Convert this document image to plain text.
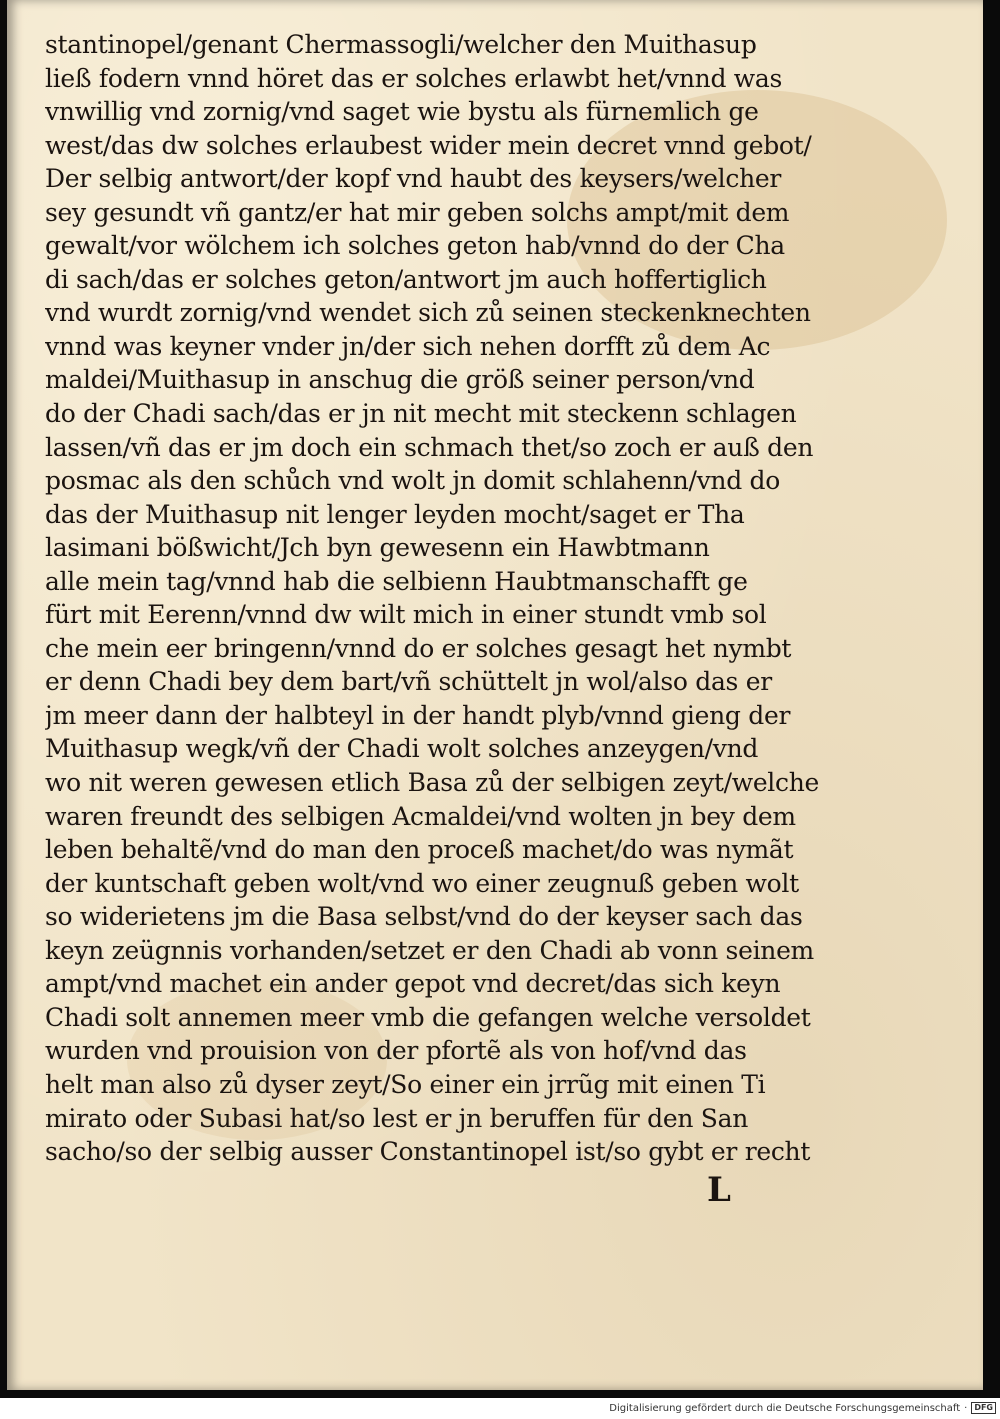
stantinopel/genant Chermassogli/welcher den Muithasup
ließ fodern vnnd höret das er solches erlawbt het/vnnd was
vnwillig vnd zornig/vnd saget wie bystu als fürnemlich ge
west/das dw solches erlaubest wider mein decret vnnd gebot/
Der selbig antwort/der kopf vnd haubt des keysers/welcher
sey gesundt vñ gantz/er hat mir geben solchs ampt/mit dem
gewalt/vor wölchem ich solches geton hab/vnnd do der Cha
di sach/das er solches geton/antwort jm auch hoffertiglich
vnd wurdt zornig/vnd wendet sich zů seinen steckenknechten
vnnd was keyner vnder jn/der sich nehen dorfft zů dem Ac
maldei/Muithasup in anschug die größ seiner person/vnd
do der Chadi sach/das er jn nit mecht mit steckenn schlagen
lassen/vñ das er jm doch ein schmach thet/so zoch er auß den
posmac als den schůch vnd wolt jn domit schlahenn/vnd do
das der Muithasup nit lenger leyden mocht/saget er Tha
lasimani bößwicht/Jch byn gewesenn ein Hawbtmann
alle mein tag/vnnd hab die selbienn Haubtmanschafft ge
fürt mit Eerenn/vnnd dw wilt mich in einer stundt vmb sol
che mein eer bringenn/vnnd do er solches gesagt het nymbt
er denn Chadi bey dem bart/vñ schüttelt jn wol/also das er
jm meer dann der halbteyl in der handt plyb/vnnd gieng der
Muithasup wegk/vñ der Chadi wolt solches anzeygen/vnd
wo nit weren gewesen etlich Basa zů der selbigen zeyt/welche
waren freundt des selbigen Acmaldei/vnd wolten jn bey dem
leben behaltẽ/vnd do man den proceß machet/do was nymãt
der kuntschaft geben wolt/vnd wo einer zeugnuß geben wolt
so widerietens jm die Basa selbst/vnd do der keyser sach das
keyn zeügnnis vorhanden/setzet er den Chadi ab vonn seinem
ampt/vnd machet ein ander gepot vnd decret/das sich keyn
Chadi solt annemen meer vmb die gefangen welche versoldet
wurden vnd prouision von der pfortẽ als von hof/vnd das
helt man also zů dyser zeyt/So einer ein jrrũg mit einen Ti
mirato oder Subasi hat/so lest er jn beruffen für den San
sacho/so der selbig ausser Constantinopel ist/so gybt er recht
L
Digitalisierung gefördert durch die Deutsche Forschungsgemeinschaft · DFG
